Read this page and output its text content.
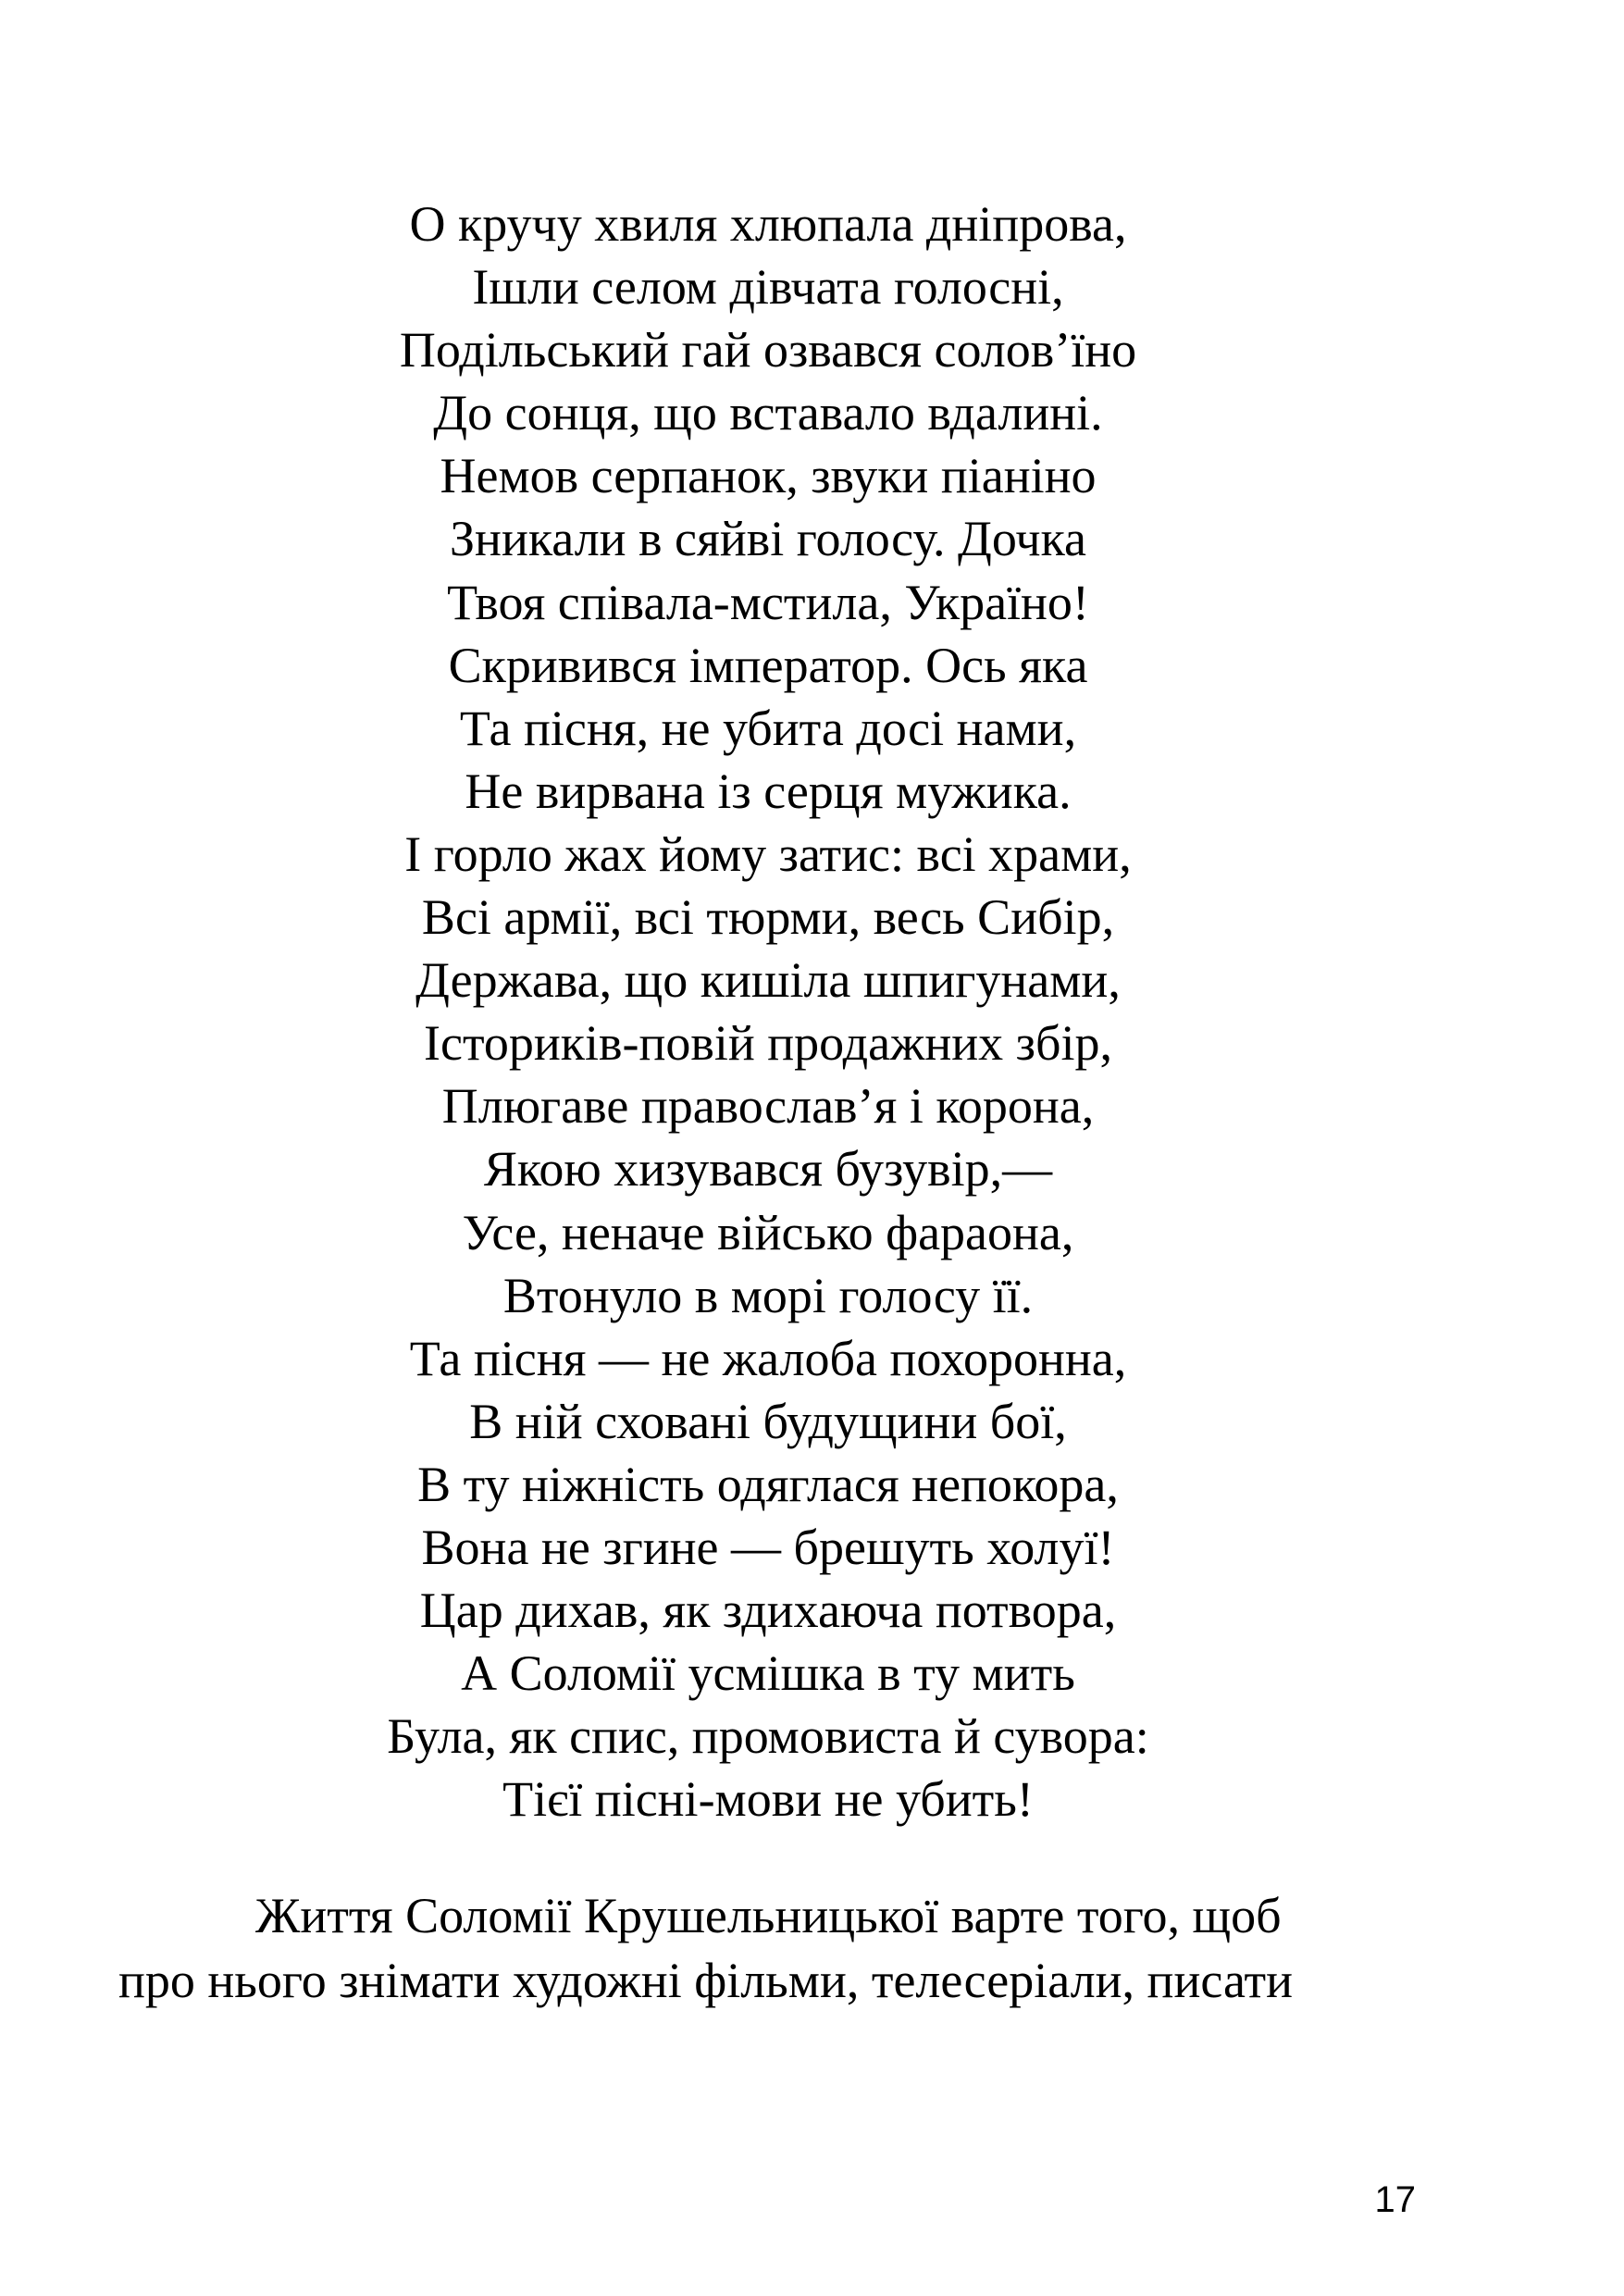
О кручу хвиля хлюпала дніпрова,
Ішли селом дівчата голосні,
Подільський гай озвався солов’їно
До сонця, що вставало вдалині.
Немов серпанок, звуки піаніно
Зникали в сяйві голосу. Дочка
Твоя співала-мстила, Україно!
Скривився імператор. Ось яка
Та пісня, не убита досі нами,
Не вирвана із серця мужика.
І горло жах йому затис: всі храми,
Всі армії, всі тюрми, весь Сибір,
Держава, що кишіла шпигунами,
Істориків-повій продажних збір,
Плюгаве православ’я і корона,
Якою хизувався бузувір,—
Усе, неначе військо фараона,
Втонуло в морі голосу її.
Та пісня — не жалоба похоронна,
В ній сховані будущини бої,
В ту ніжність одяглася непокора,
Вона не згине — брешуть холуї!
Цар дихав, як здихаюча потвора,
А Соломії усмішка в ту мить
Була, як спис, промовиста й сувора:
Тієї пісні-мови не убить!

Життя Соломії Крушельницької варте того, щоб
про нього знімати художні фільми, телесеріали, писати

17
